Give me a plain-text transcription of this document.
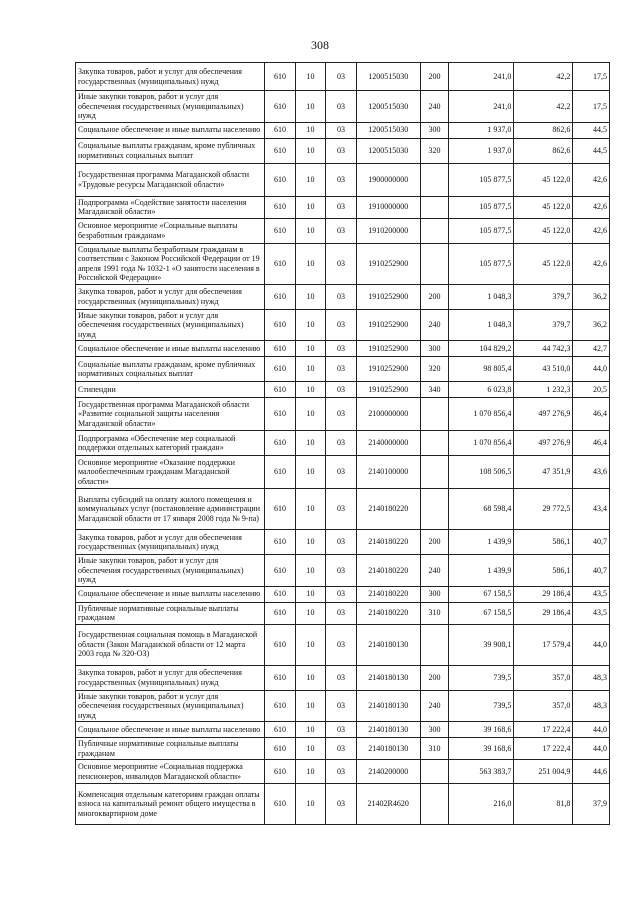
308
Закупка товаров, работ и услуг для обеспечения государственных (муниципальных) нужд	610	10	03	1200515030	200	241,0	42,2	17,5
Иные закупки товаров, работ и услуг для обеспечения государственных (муниципальных) нужд	610	10	03	1200515030	240	241,0	42,2	17,5
Социальное обеспечение и иные выплаты населению	610	10	03	1200515030	300	1 937,0	862,6	44,5
Социальные выплаты гражданам, кроме публичных нормативных социальных выплат	610	10	03	1200515030	320	1 937,0	862,6	44,5
Государственная программа Магаданской области «Трудовые ресурсы Магаданской области»	610	10	03	1900000000		105 877,5	45 122,0	42,6
Подпрограмма «Содействие занятости населения Магаданской области»	610	10	03	1910000000		105 877,5	45 122,0	42,6
Основное мероприятие «Социальные выплаты безработным гражданам»	610	10	03	1910200000		105 877,5	45 122,0	42,6
Социальные выплаты безработным гражданам в соответствии с Законом Российской Федерации от 19 апреля 1991 года № 1032-1 «О занятости населения в Российской Федерации»	610	10	03	1910252900		105 877,5	45 122,0	42,6
Закупка товаров, работ и услуг для обеспечения государственных (муниципальных) нужд	610	10	03	1910252900	200	1 048,3	379,7	36,2
Иные закупки товаров, работ и услуг для обеспечения государственных (муниципальных) нужд	610	10	03	1910252900	240	1 048,3	379,7	36,2
Социальное обеспечение и иные выплаты населению	610	10	03	1910252900	300	104 829,2	44 742,3	42,7
Социальные выплаты гражданам, кроме публичных нормативных социальных выплат	610	10	03	1910252900	320	98 805,4	43 510,0	44,0
Стипендии	610	10	03	1910252900	340	6 023,8	1 232,3	20,5
Государственная программа Магаданской области «Развитие социальной защиты населения Магаданской области»	610	10	03	2100000000		1 070 856,4	497 276,9	46,4
Подпрограмма «Обеспечение мер социальной поддержки отдельных категорий граждан»	610	10	03	2140000000		1 070 856,4	497 276,9	46,4
Основное мероприятие «Оказание поддержки малообеспеченным гражданам Магаданской области»	610	10	03	2140100000		108 506,5	47 351,9	43,6
Выплаты субсидий на оплату жилого помещения и коммунальных услуг (постановление администрации Магаданской области от 17 января 2008 года № 9-па)	610	10	03	2140180220		68 598,4	29 772,5	43,4
Закупка товаров, работ и услуг для обеспечения государственных (муниципальных) нужд	610	10	03	2140180220	200	1 439,9	586,1	40,7
Иные закупки товаров, работ и услуг для обеспечения государственных (муниципальных) нужд	610	10	03	2140180220	240	1 439,9	586,1	40,7
Социальное обеспечение и иные выплаты населению	610	10	03	2140180220	300	67 158,5	29 186,4	43,5
Публичные нормативные социальные выплаты гражданам	610	10	03	2140180220	310	67 158,5	29 186,4	43,5
Государственная социальная помощь в Магаданской области (Закон Магаданской области от 12 марта 2003 года № 320-ОЗ)	610	10	03	2140180130		39 908,1	17 579,4	44,0
Закупка товаров, работ и услуг для обеспечения государственных (муниципальных) нужд	610	10	03	2140180130	200	739,5	357,0	48,3
Иные закупки товаров, работ и услуг для обеспечения государственных (муниципальных) нужд	610	10	03	2140180130	240	739,5	357,0	48,3
Социальное обеспечение и иные выплаты населению	610	10	03	2140180130	300	39 168,6	17 222,4	44,0
Публичные нормативные социальные выплаты гражданам	610	10	03	2140180130	310	39 168,6	17 222,4	44,0
Основное мероприятие «Социальная поддержка пенсионеров, инвалидов Магаданской области»	610	10	03	2140200000		563 383,7	251 004,9	44,6
Компенсация отдельным категориям граждан оплаты взноса на капитальный ремонт общего имущества в многоквартирном доме	610	10	03	21402R4620		216,0	81,8	37,9
